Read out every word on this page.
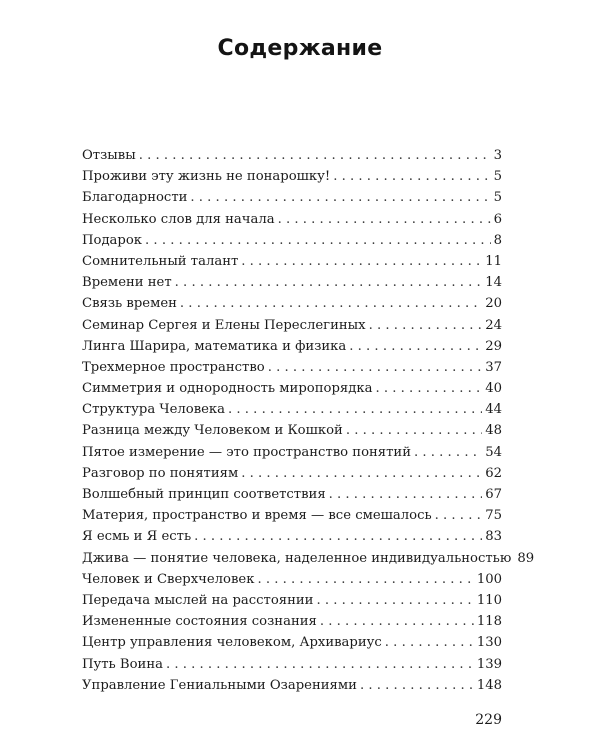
Содержание
Отзывы . . .	3
Проживи эту жизнь не понарошку! . . .	5
Благодарности . . .	5
Несколько слов для начала . . .	6
Подарок . . .	8
Сомнительный талант . . .	11
Времени нет . . .	14
Связь времен . . .	20
Семинар Сергея и Елены Переслегиных . . .	24
Линга Шарира, математика и физика . . .	29
Трехмерное пространство . . .	37
Симметрия и однородность миропорядка . . .	40
Структура Человека . . .	44
Разница между Человеком и Кошкой . . .	48
Пятое измерение — это пространство понятий . . .	54
Разговор по понятиям . . .	62
Волшебный принцип соответствия . . .	67
Материя, пространство и время — все смешалось . . .	75
Я есмь и Я есть . . .	83
Джива — понятие человека, наделенное индивидуальностью 89
Человек и Сверхчеловек . . .	100
Передача мыслей на расстоянии . . .	110
Измененные состояния сознания . . .	118
Центр управления человеком, Архивариус . . .	130
Путь Воина . . .	139
Управление Гениальными Озарениями . . .	148
229
